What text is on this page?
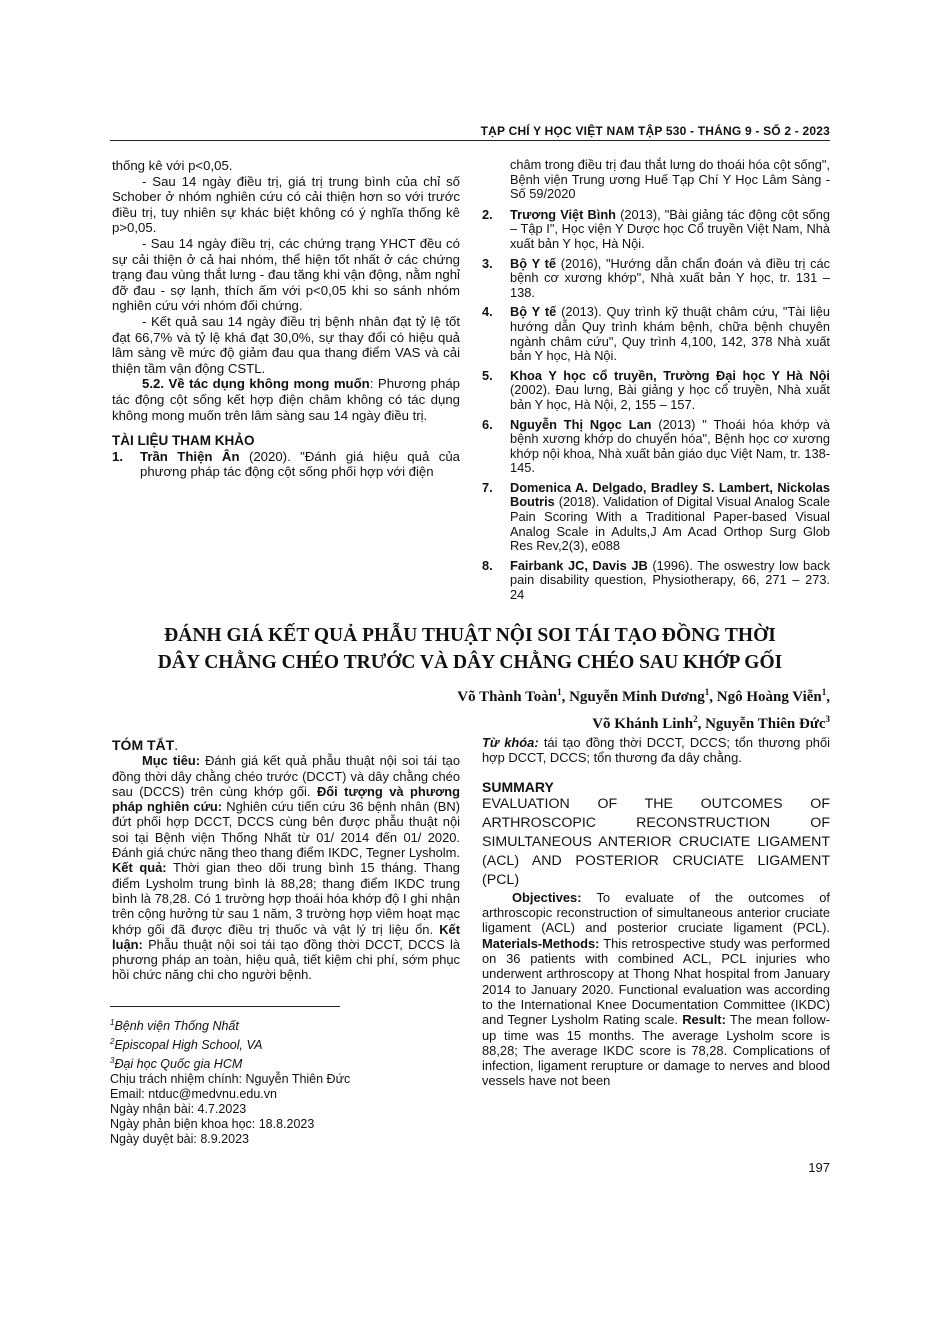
TẠP CHÍ Y HỌC VIỆT NAM TẬP 530 - THÁNG 9 - SỐ 2 - 2023

thống kê với p<0,05.

- Sau 14 ngày điều trị, giá trị trung bình của chỉ số Schober ở nhóm nghiên cứu có cải thiện hơn so với trước điều trị, tuy nhiên sự khác biệt không có ý nghĩa thống kê p>0,05.

- Sau 14 ngày điều trị, các chứng trạng YHCT đều có sự cải thiện ở cả hai nhóm, thể hiện tốt nhất ở các chứng trạng đau vùng thắt lưng - đau tăng khi vận động, nằm nghỉ đỡ đau - sợ lạnh, thích ấm với p<0,05 khi so sánh nhóm nghiên cứu với nhóm đối chứng.

- Kết quả sau 14 ngày điều trị bệnh nhân đạt tỷ lệ tốt đạt 66,7% và tỷ lệ khá đạt 30,0%, sự thay đổi có hiệu quả lâm sàng về mức độ giảm đau qua thang điểm VAS và cải thiện tầm vận động CSTL.

5.2. Về tác dụng không mong muốn: Phương pháp tác động cột sống kết hợp điện châm không có tác dụng không mong muốn trên lâm sàng sau 14 ngày điều trị.

TÀI LIỆU THAM KHẢO

1. Trần Thiện Ân (2020). "Đánh giá hiệu quả của phương pháp tác động cột sống phối hợp với điện

châm trong điều trị đau thắt lưng do thoái hóa cột sống", Bệnh viện Trung ương Huế Tạp Chí Y Học Lâm Sàng - Số 59/2020

2. Trương Việt Bình (2013), "Bài giảng tác động cột sống – Tập I", Học viện Y Dược học Cổ truyền Việt Nam, Nhà xuất bản Y học, Hà Nội.
3. Bộ Y tế (2016), "Hướng dẫn chẩn đoán và điều trị các bệnh cơ xương khớp", Nhà xuất bản Y học, tr. 131 – 138.
4. Bộ Y tế (2013). Quy trình kỹ thuật châm cứu, "Tài liệu hướng dẫn Quy trình khám bệnh, chữa bệnh chuyên ngành châm cứu", Quy trình 4,100, 142, 378 Nhà xuất bản Y học, Hà Nội.
5. Khoa Y học cổ truyền, Trường Đại học Y Hà Nội (2002). Đau lưng, Bài giảng y học cổ truyền, Nhà xuất bản Y học, Hà Nội, 2, 155 – 157.
6. Nguyễn Thị Ngọc Lan (2013) " Thoái hóa khớp và bệnh xương khớp do chuyển hóa", Bệnh học cơ xương khớp nội khoa, Nhà xuất bản giáo dục Việt Nam, tr. 138-145.
7. Domenica A. Delgado, Bradley S. Lambert, Nickolas Boutris (2018). Validation of Digital Visual Analog Scale Pain Scoring With a Traditional Paper-based Visual Analog Scale in Adults,J Am Acad Orthop Surg Glob Res Rev,2(3), e088
8. Fairbank JC, Davis JB (1996). The oswestry low back pain disability question, Physiotherapy, 66, 271 – 273. 24
ĐÁNH GIÁ KẾT QUẢ PHẪU THUẬT NỘI SOI TÁI TẠO ĐỒNG THỜI
DÂY CHẰNG CHÉO TRƯỚC VÀ DÂY CHẰNG CHÉO SAU KHỚP GỐI
Võ Thành Toàn$^1$, Nguyễn Minh Dương$^1$, Ngô Hoàng Viễn$^1$,
Võ Khánh Linh$^2$, Nguyễn Thiên Đức$^3$

TÓM TẮT.

Mục tiêu: Đánh giá kết quả phẫu thuật nội soi tái tạo đồng thời dây chằng chéo trước (DCCT) và dây chằng chéo sau (DCCS) trên cùng khớp gối. Đối tượng và phương pháp nghiên cứu: Nghiên cứu tiến cứu 36 bệnh nhân (BN) đứt phối hợp DCCT, DCCS cùng bên được phẫu thuật nội soi tại Bệnh viện Thống Nhất từ 01/ 2014 đến 01/ 2020. Đánh giá chức năng theo thang điểm IKDC, Tegner Lysholm. Kết quả: Thời gian theo dõi trung bình 15 tháng. Thang điểm Lysholm trung bình là 88,28; thang điểm IKDC trung bình là 78,28. Có 1 trường hợp thoái hóa khớp độ I ghi nhận trên cộng hưởng từ sau 1 năm, 3 trường hợp viêm hoạt mạc khớp gối đã được điều trị thuốc và vật lý trị liệu ổn. Kết luận: Phẫu thuật nội soi tái tạo đồng thời DCCT, DCCS là phương pháp an toàn, hiệu quả, tiết kiệm chi phí, sớm phục hồi chức năng chi cho người bệnh.

Từ khóa: tái tạo đồng thời DCCT, DCCS; tổn thương phối hợp DCCT, DCCS; tổn thương đa dây chằng.

SUMMARY

EVALUATION OF THE OUTCOMES OF ARTHROSCOPIC RECONSTRUCTION OF SIMULTANEOUS ANTERIOR CRUCIATE LIGAMENT (ACL) AND POSTERIOR CRUCIATE LIGAMENT (PCL)

Objectives: To evaluate of the outcomes of arthroscopic reconstruction of simultaneous anterior cruciate ligament (ACL) and posterior cruciate ligament (PCL). Materials-Methods: This retrospective study was performed on 36 patients with combined ACL, PCL injuries who underwent arthroscopy at Thong Nhat hospital from January 2014 to January 2020. Functional evaluation was according to the International Knee Documentation Committee (IKDC) and Tegner Lysholm Rating scale. Result: The mean follow-up time was 15 months. The average Lysholm score is 88,28; The average IKDC score is 78,28. Complications of infection, ligament rerupture or damage to nerves and blood vessels have not been

$^1$Bệnh viện Thống Nhất
$^2$Episcopal High School, VA
$^3$Đại học Quốc gia HCM
Chịu trách nhiệm chính: Nguyễn Thiên Đức
Email: ntduc@medvnu.edu.vn
Ngày nhận bài: 4.7.2023
Ngày phản biện khoa học: 18.8.2023
Ngày duyệt bài: 8.9.2023
197
